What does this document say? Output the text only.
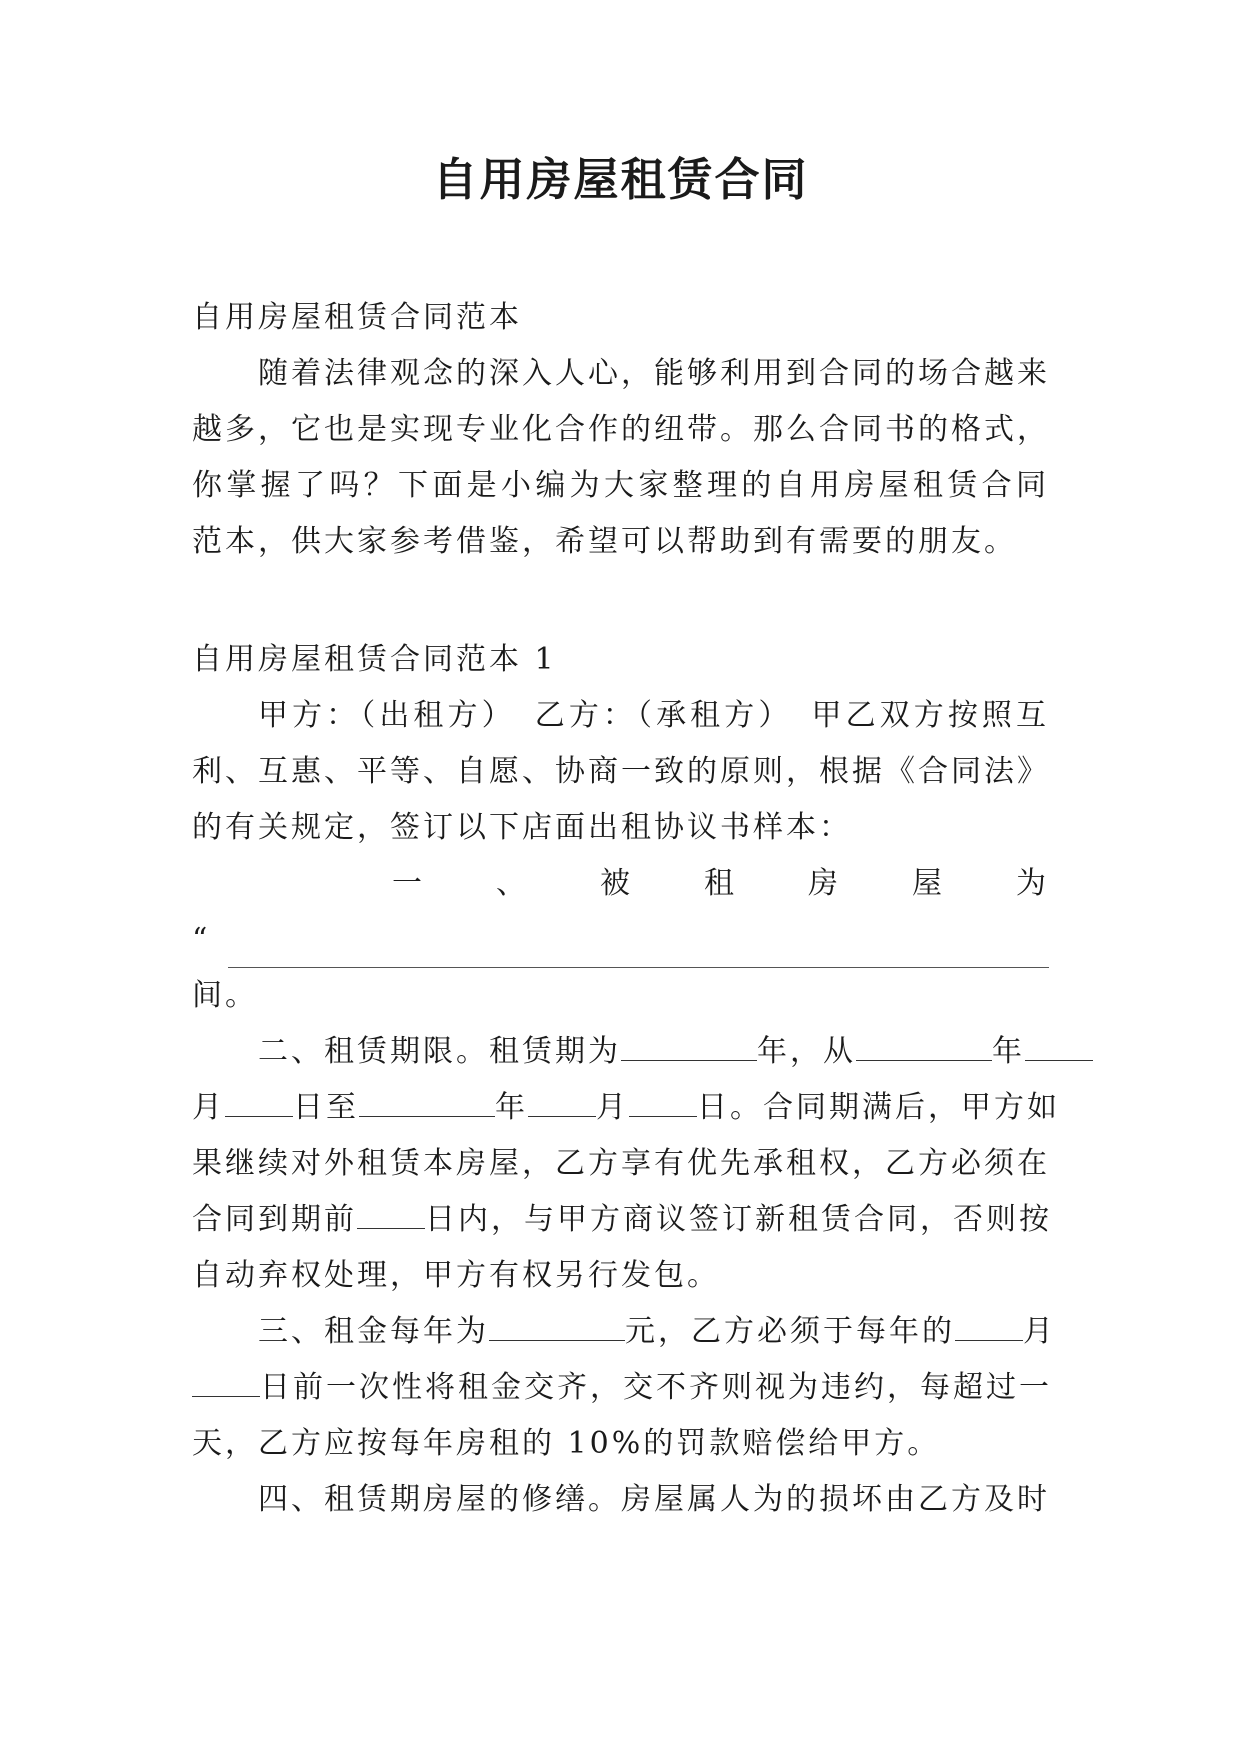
自用房屋租赁合同
自用房屋租赁合同范本
随着法律观念的深入人心，能够利用到合同的场合越来
越多，它也是实现专业化合作的纽带。那么合同书的格式，
你掌握了吗？下面是小编为大家整理的自用房屋租赁合同
范本，供大家参考借鉴，希望可以帮助到有需要的朋友。
自用房屋租赁合同范本 1
甲方：（出租方）　乙方：（承租方）　甲乙双方按照互
利、互惠、平等、自愿、协商一致的原则，根据《合同法》
的有关规定，签订以下店面出租协议书样本：
一 、 被 租 房 屋 为
“
间。
二、租赁期限。租赁期为	年，从	年
月 日至	年 月 日。合同期满后，甲方如
果继续对外租赁本房屋，乙方享有优先承租权，乙方必须在
合同到期前 日内，与甲方商议签订新租赁合同，否则按
自动弃权处理，甲方有权另行发包。
三、租金每年为	元，乙方必须于每年的 月
日前一次性将租金交齐，交不齐则视为违约，每超过一
天，乙方应按每年房租的 10%的罚款赔偿给甲方。
四、租赁期房屋的修缮。房屋属人为的损坏由乙方及时
